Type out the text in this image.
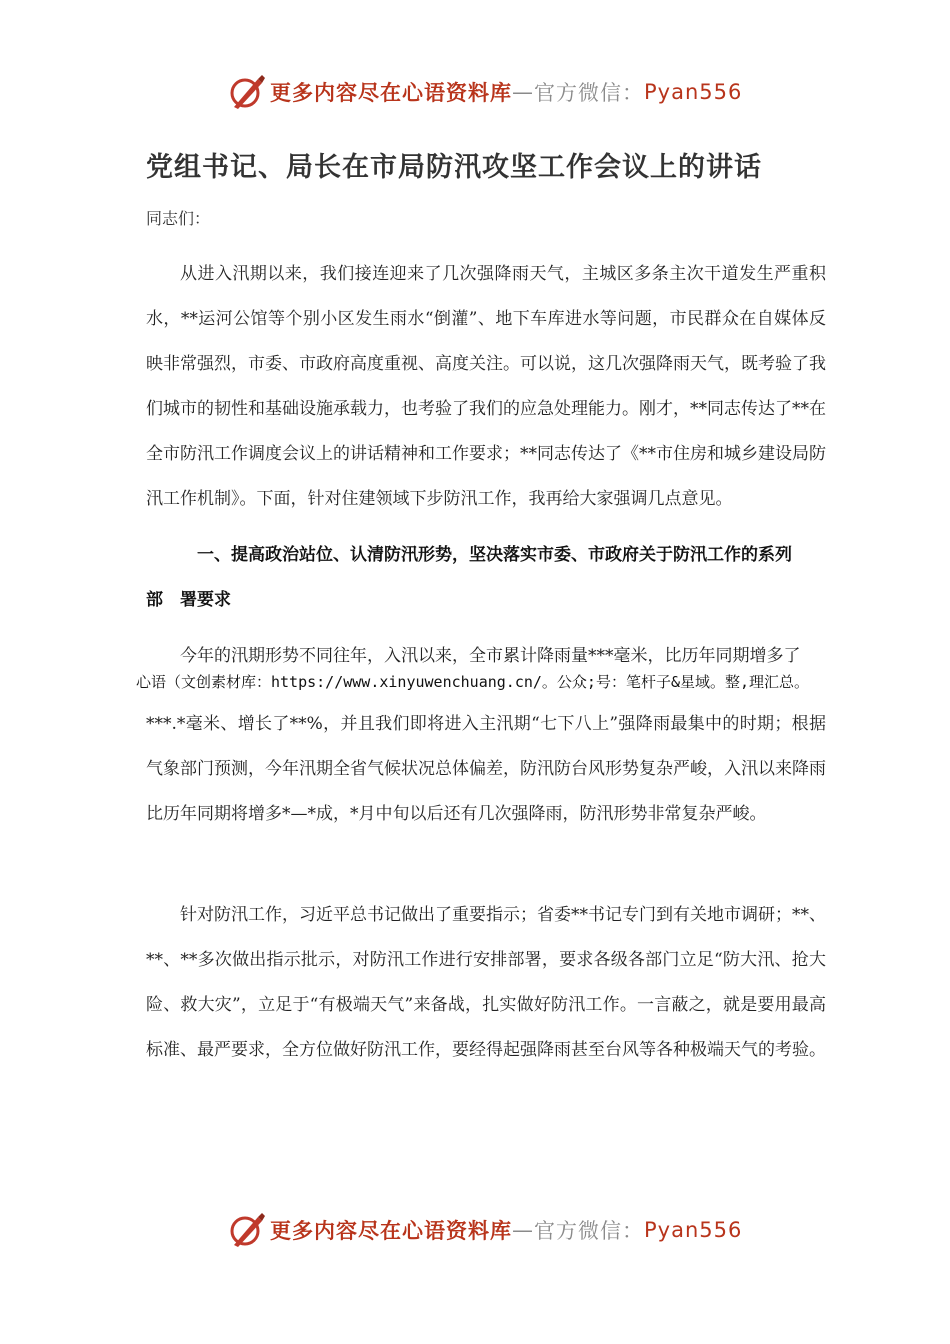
更多内容尽在心语资料库 — 官方微信： Pyan556
党组书记、局长在市局防汛攻坚工作会议上的讲话
同志们：

从进入汛期以来，我们接连迎来了几次强降雨天气，主城区多条主次干道发生严重积水，**运河公馆等个别小区发生雨水“倒灌”、地下车库进水等问题，市民群众在自媒体反映非常强烈，市委、市政府高度重视、高度关注。可以说，这几次强降雨天气，既考验了我们城市的韧性和基础设施承载力，也考验了我们的应急处理能力。刚才，**同志传达了**在全市防汛工作调度会议上的讲话精神和工作要求；**同志传达了《**市住房和城乡建设局防汛工作机制》。下面，针对住建领域下步防汛工作，我再给大家强调几点意见。

一、提高政治站位、认清防汛形势，坚决落实市委、市政府关于防汛工作的系列部　署要求

今年的汛期形势不同往年，入汛以来，全市累计降雨量***毫米，比历年同期增多了

心语（文创素材库：https://www.xinyuwenchuang.cn/。公众;号：笔杆子&星域。整,理汇总。

***.*毫米、增长了**%，并且我们即将进入主汛期“七下八上”强降雨最集中的时期；根据气象部门预测，今年汛期全省气候状况总体偏差，防汛防台风形势复杂严峻，入汛以来降雨比历年同期将增多*—*成，*月中旬以后还有几次强降雨，防汛形势非常复杂严峻。

针对防汛工作，习近平总书记做出了重要指示；省委**书记专门到有关地市调研；**、**、**多次做出指示批示，对防汛工作进行安排部署，要求各级各部门立足“防大汛、抢大险、救大灾”，立足于“有极端天气”来备战，扎实做好防汛工作。一言蔽之，就是要用最高标准、最严要求，全方位做好防汛工作，要经得起强降雨甚至台风等各种极端天气的考验。

更多内容尽在心语资料库 — 官方微信： Pyan556
